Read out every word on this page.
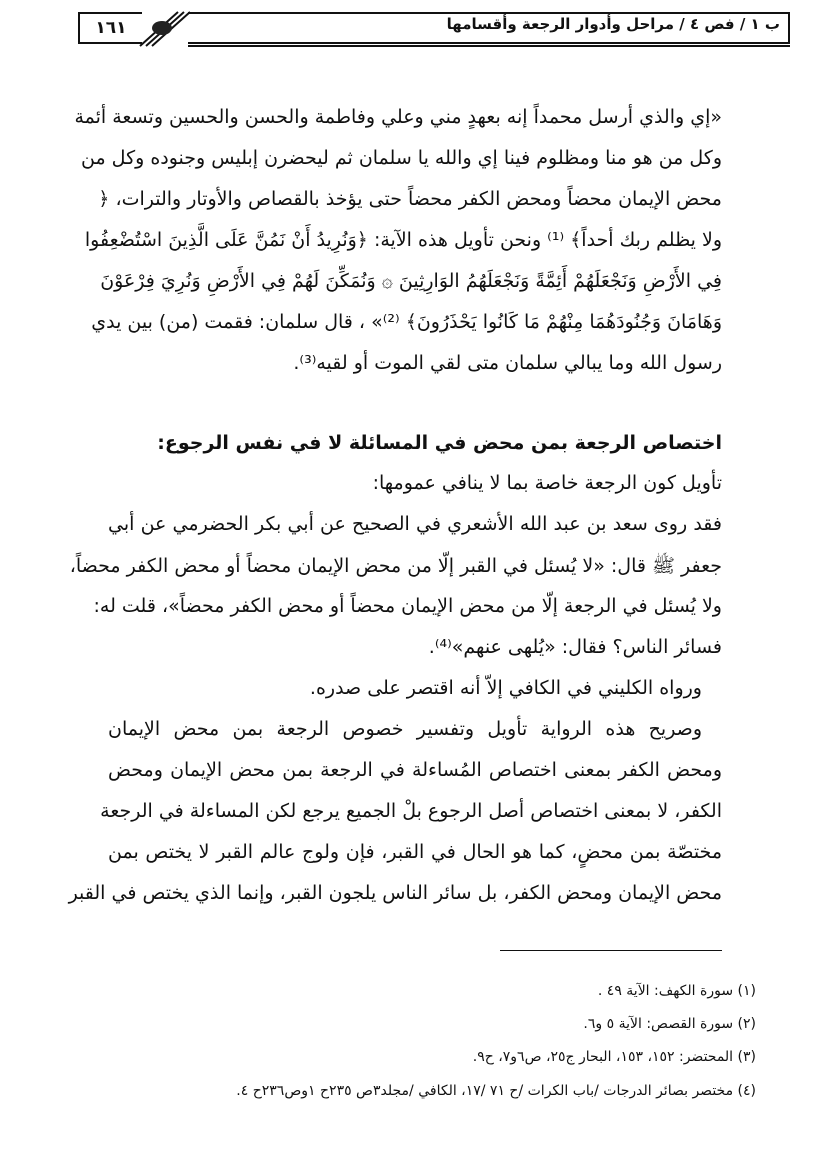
١٦١	ب ١ / فص ٤ / مراحل وأدوار الرجعة وأقسامها
«إي والذي أرسل محمداً إنه بعهدٍ مني وعلي وفاطمة والحسن والحسين وتسعة أئمة
وكل من هو منا ومظلوم فينا إي والله يا سلمان ثم ليحضرن إبليس وجنوده وكل من
محض الإيمان محضاً ومحض الكفر محضاً حتى يؤخذ بالقصاص والأوتار والترات، ﴿
ولا يظلم ربك أحداً﴾ ⁽¹⁾ ونحن تأويل هذه الآية: ﴿وَنُرِيدُ أَنْ نَمُنَّ عَلَى الَّذِينَ اسْتُضْعِفُوا
فِي الأَرْضِ وَنَجْعَلَهُمْ أَئِمَّةً وَنَجْعَلَهُمُ الوَارِثِينَ ۞ وَنُمَكِّنَ لَهُمْ فِي الأَرْضِ وَنُرِيَ فِرْعَوْنَ
وَهَامَانَ وَجُنُودَهُمَا مِنْهُمْ مَا كَانُوا يَحْذَرُونَ﴾ ⁽²⁾» ، قال سلمان: فقمت (من) بين يدي
رسول الله وما يبالي سلمان متى لقي الموت أو لقيه⁽³⁾.
اختصاص الرجعة بمن محض في المسائلة لا في نفس الرجوع:
تأويل كون الرجعة خاصة بما لا ينافي عمومها:
فقد روى سعد بن عبد الله الأشعري في الصحيح عن أبي بكر الحضرمي عن أبي
جعفر ﷺ قال: «لا يُسئل في القبر إلّا من محض الإيمان محضاً أو محض الكفر محضاً،
ولا يُسئل في الرجعة إلّا من محض الإيمان محضاً أو محض الكفر محضاً»، قلت له:
فسائر الناس؟ فقال: «يُلهى عنهم»⁽⁴⁾.
ورواه الكليني في الكافي إلاّ أنه اقتصر على صدره.
وصريح هذه الرواية تأويل وتفسير خصوص الرجعة بمن محض الإيمان
ومحض الكفر بمعنى اختصاص المُساءلة في الرجعة بمن محض الإيمان ومحض
الكفر، لا بمعنى اختصاص أصل الرجوع بلْ الجميع يرجع لكن المساءلة في الرجعة
مختصّة بمن محضٍ، كما هو الحال في القبر، فإن ولوج عالم القبر لا يختص بمن
محض الإيمان ومحض الكفر، بل سائر الناس يلجون القبر، وإنما الذي يختص في القبر
(١) سورة الكهف: الآية ٤٩ .
(٢) سورة القصص: الآية ٥ و٦.
(٣) المحتضر: ١٥٢، ١٥٣، البحار ج٢٥، ص٦و٧، ح٩.
(٤) مختصر بصائر الدرجات /باب الكرات /ح ٧١ /١٧، الكافي /مجلد٣ص ٢٣٥ح ١وص٢٣٦ح ٤.
